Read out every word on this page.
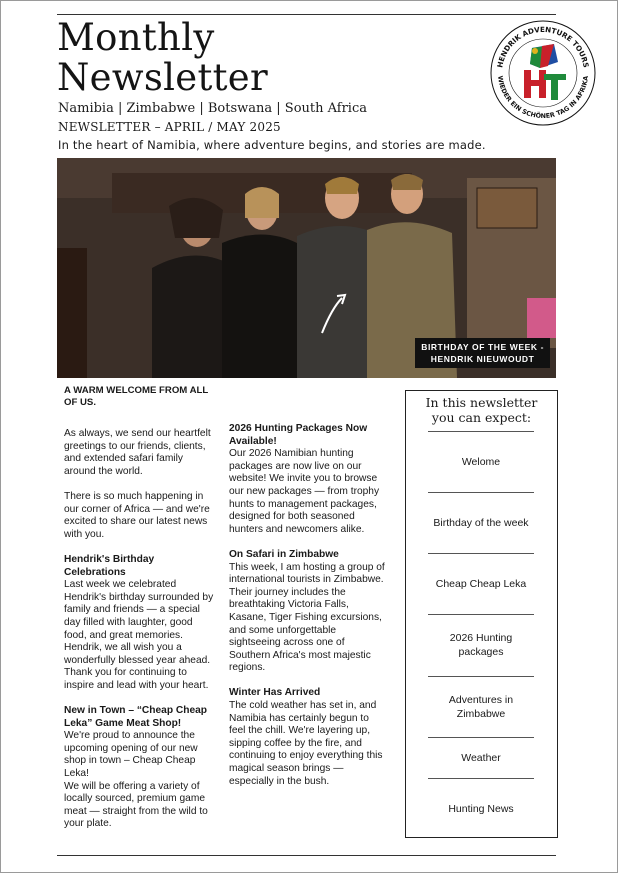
Monthly
Newsletter
Namibia | Zimbabwe | Botswana | South Africa
NEWSLETTER – APRIL / MAY 2025
In the heart of Namibia, where adventure begins, and stories are made.
HENDRIK ADVENTURE TOURS
WIEDER EIN SCHÖNER TAG IN AFRIKA
BIRTHDAY OF THE WEEK -
HENDRIK NIEUWOUDT

A WARM WELCOME FROM ALL OF US.

As always, we send our heartfelt greetings to our friends, clients, and extended safari family around the world.

There is so much happening in our corner of Africa — and we're excited to share our latest news with you.

Hendrik's Birthday Celebrations

Last week we celebrated Hendrik's birthday surrounded by family and friends — a special day filled with laughter, good food, and great memories. Hendrik, we all wish you a wonderfully blessed year ahead. Thank you for continuing to inspire and lead with your heart.

New in Town – “Cheap Cheap Leka” Game Meat Shop!

We're proud to announce the upcoming opening of our new shop in town – Cheap Cheap Leka!

We will be offering a variety of locally sourced, premium game meat — straight from the wild to your plate.

2026 Hunting Packages Now Available!

Our 2026 Namibian hunting packages are now live on our website! We invite you to browse our new packages — from trophy hunts to management packages, designed for both seasoned hunters and newcomers alike.

On Safari in Zimbabwe

This week, I am hosting a group of international tourists in Zimbabwe. Their journey includes the breathtaking Victoria Falls, Kasane, Tiger Fishing excursions, and some unforgettable sightseeing across one of Southern Africa's most majestic regions.

Winter Has Arrived

The cold weather has set in, and Namibia has certainly begun to feel the chill. We're layering up, sipping coffee by the fire, and continuing to enjoy everything this magical season brings — especially in the bush.

In this newsletter
you can expect:
Welome
Birthday of the week
Cheap Cheap Leka
2026 Hunting packages
Adventures in Zimbabwe
Weather
Hunting News
